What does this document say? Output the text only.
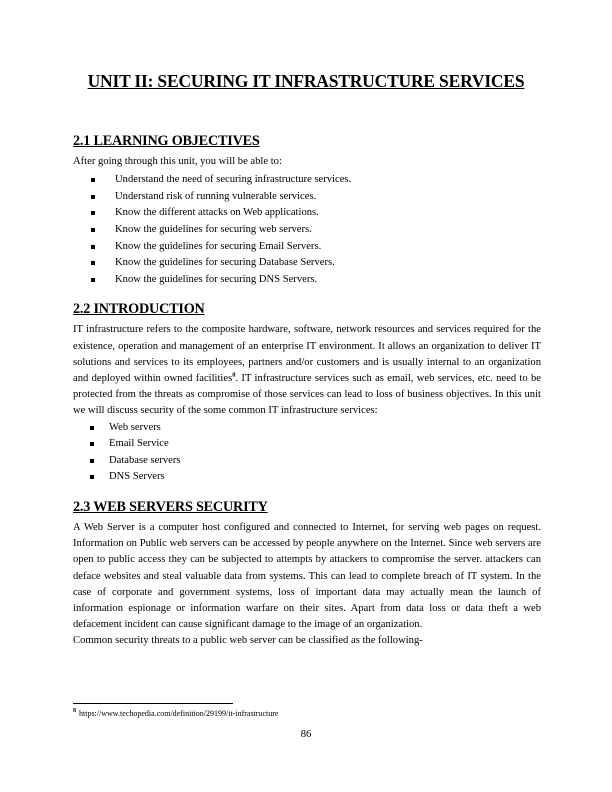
UNIT II: SECURING IT INFRASTRUCTURE SERVICES
2.1 LEARNING OBJECTIVES

After going through this unit, you will be able to:

Understand the need of securing infrastructure services.
Understand risk of running vulnerable services.
Know the different attacks on Web applications.
Know the guidelines for securing web servers.
Know the guidelines for securing Email Servers.
Know the guidelines for securing Database Servers.
Know the guidelines for securing DNS Servers.
2.2 INTRODUCTION

IT infrastructure refers to the composite hardware, software, network resources and services required for the existence, operation and management of an enterprise IT environment. It allows an organization to deliver IT solutions and services to its employees, partners and/or customers and is usually internal to an organization and deployed within owned facilities$^8$. IT infrastructure services such as email, web services, etc. need to be protected from the threats as compromise of those services can lead to loss of business objectives. In this unit we will discuss security of the some common IT infrastructure services:

Web servers
Email Service
Database servers
DNS Servers
2.3 WEB SERVERS SECURITY

A Web Server is a computer host configured and connected to Internet, for serving web pages on request. Information on Public web servers can be accessed by people anywhere on the Internet. Since web servers are open to public access they can be subjected to attempts by attackers to compromise the server. attackers can deface websites and steal valuable data from systems. This can lead to complete breach of IT system. In the case of corporate and government systems, loss of important data may actually mean the launch of information espionage or information warfare on their sites. Apart from data loss or data theft a web defacement incident can cause significant damage to the image of an organization.

Common security threats to a public web server can be classified as the following-

$^8$ https://www.techopedia.com/definition/29199/it-infrastructure
86
